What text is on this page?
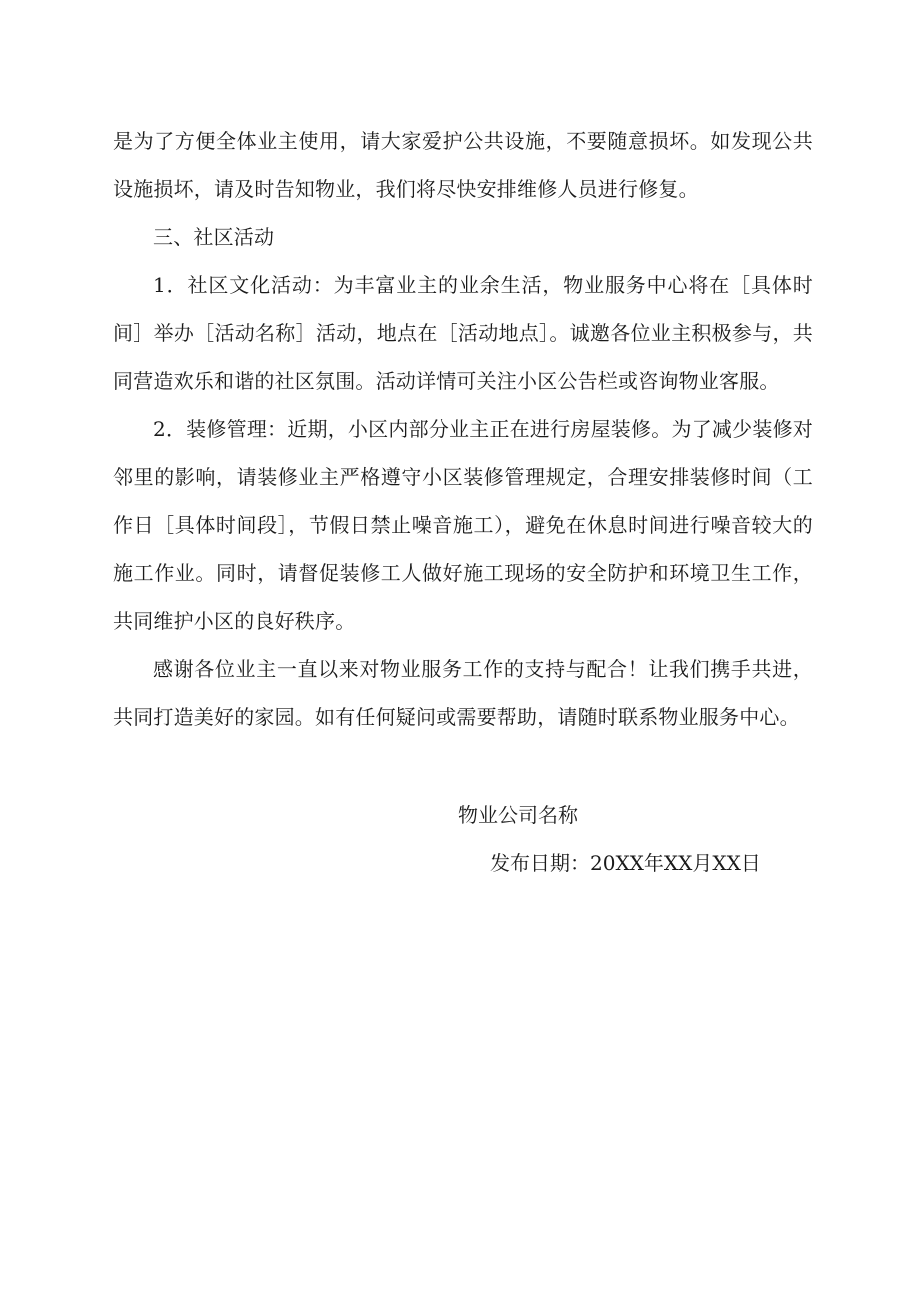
是为了方便全体业主使用，请大家爱护公共设施，不要随意损坏。如发现公共设施损坏，请及时告知物业，我们将尽快安排维修人员进行修复。

三、社区活动

1．社区文化活动：为丰富业主的业余生活，物业服务中心将在［具体时间］举办［活动名称］活动，地点在［活动地点］。诚邀各位业主积极参与，共同营造欢乐和谐的社区氛围。活动详情可关注小区公告栏或咨询物业客服。

2．装修管理：近期，小区内部分业主正在进行房屋装修。为了减少装修对邻里的影响，请装修业主严格遵守小区装修管理规定，合理安排装修时间（工作日［具体时间段］，节假日禁止噪音施工），避免在休息时间进行噪音较大的施工作业。同时，请督促装修工人做好施工现场的安全防护和环境卫生工作，共同维护小区的良好秩序。

感谢各位业主一直以来对物业服务工作的支持与配合！让我们携手共进，共同打造美好的家园。如有任何疑问或需要帮助，请随时联系物业服务中心。

物业公司名称
发布日期：20XX年XX月XX日
